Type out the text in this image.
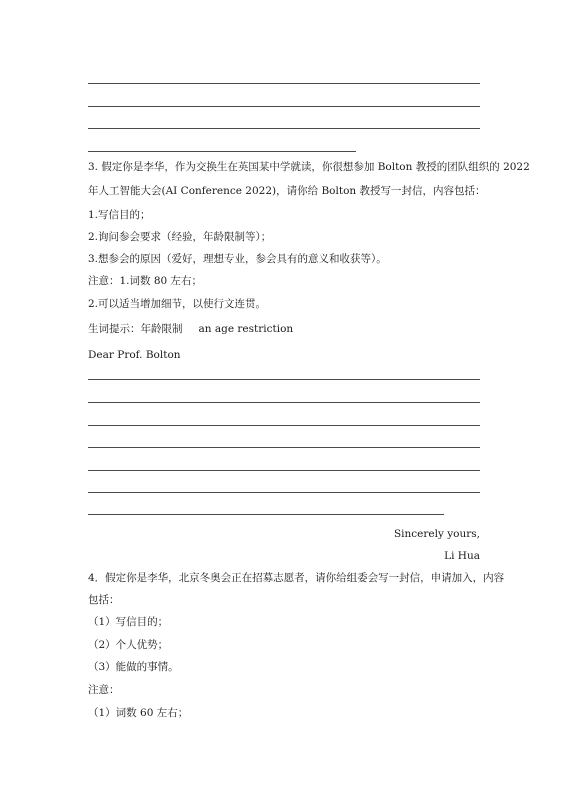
3. 假定你是李华，作为交换生在英国某中学就读，你很想参加 Bolton 教授的团队组织的 2022
年人工智能大会(AI Conference 2022)，请你给 Bolton 教授写一封信，内容包括：
1.写信目的；
2.询问参会要求（经验，年龄限制等）；
3.想参会的原因（爱好，理想专业，参会具有的意义和收获等）。
注意：1.词数 80 左右；
2.可以适当增加细节，以使行文连贯。
生词提示：年龄限制 an age restriction
Dear Prof. Bolton
Sincerely yours,
Li Hua
4．假定你是李华，北京冬奥会正在招募志愿者，请你给组委会写一封信，申请加入，内容
包括：
（1）写信目的；
（2）个人优势；
（3）能做的事情。
注意：
（1）词数 60 左右；
